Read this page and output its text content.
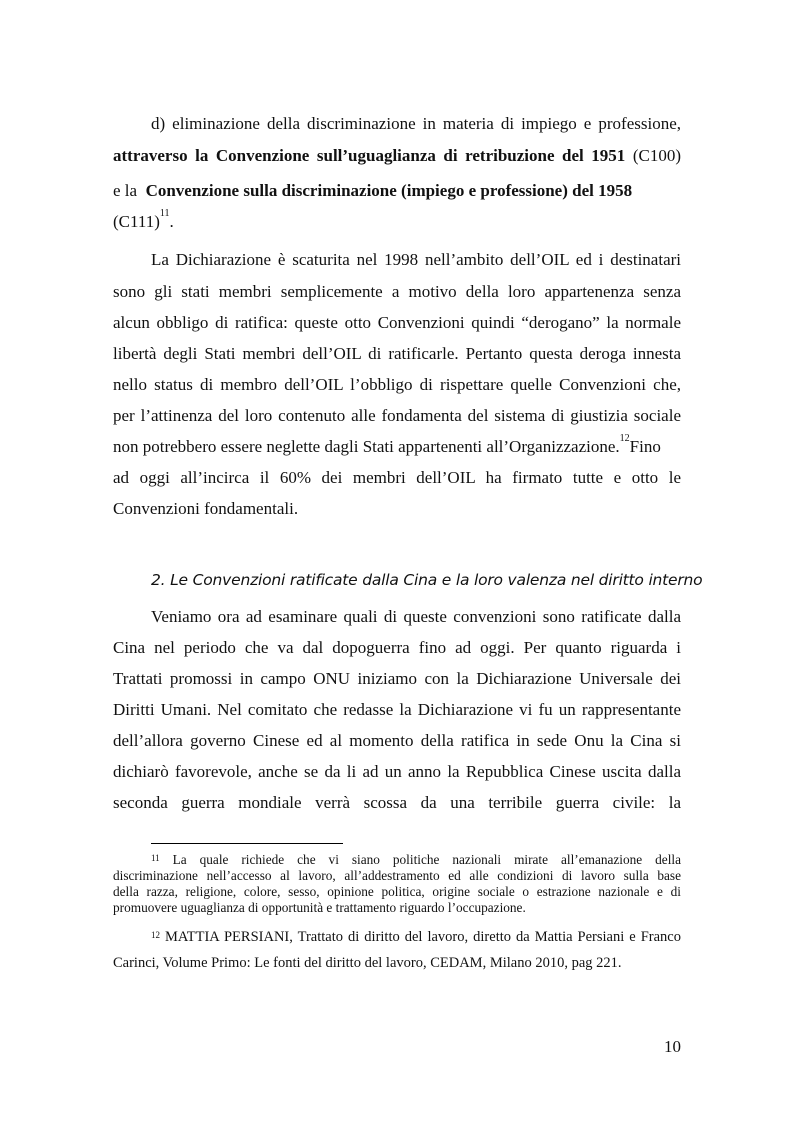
d) eliminazione della discriminazione in materia di impiego e professione,
attraverso la Convenzione sull’uguaglianza di retribuzione del 1951 (C100)
e la  Convenzione sulla discriminazione (impiego e professione) del 1958
$(C111)^{11}$.
La Dichiarazione è scaturita nel 1998 nell’ambito dell’OIL ed i destinatari
sono gli stati membri semplicemente a motivo della loro appartenenza senza
alcun obbligo di ratifica: queste otto Convenzioni quindi “derogano” la normale
libertà degli Stati membri dell’OIL di ratificarle. Pertanto questa deroga innesta
nello status di membro dell’OIL l’obbligo di rispettare quelle Convenzioni che,
per l’attinenza del loro contenuto alle fondamenta del sistema di giustizia sociale
non potrebbero essere neglette dagli Stati appartenenti all’Organizzazione.$^{12}$Fino
ad oggi all’incirca il 60% dei membri dell’OIL ha firmato tutte e otto le
Convenzioni fondamentali.
2. Le Convenzioni ratificate dalla Cina e la loro valenza nel diritto interno
Veniamo ora ad esaminare quali di queste convenzioni sono ratificate dalla
Cina nel periodo che va dal dopoguerra fino ad oggi. Per quanto riguarda i
Trattati promossi in campo ONU iniziamo con la Dichiarazione Universale dei
Diritti Umani. Nel comitato che redasse la Dichiarazione vi fu un rappresentante
dell’allora governo Cinese ed al momento della ratifica in sede Onu la Cina si
dichiarò favorevole, anche se da li ad un anno la Repubblica Cinese uscita dalla
seconda guerra mondiale verrà scossa da una terribile guerra civile: la
$^{11}$ La quale richiede che vi siano politiche nazionali mirate all’emanazione della
discriminazione nell’accesso al lavoro, all’addestramento ed alle condizioni di lavoro sulla base
della razza, religione, colore, sesso, opinione politica, origine sociale o estrazione nazionale e di
promuovere uguaglianza di opportunità e trattamento riguardo l’occupazione.
$^{12}$ MATTIA PERSIANI, Trattato di diritto del lavoro, diretto da Mattia Persiani e Franco
Carinci, Volume Primo: Le fonti del diritto del lavoro, CEDAM, Milano 2010, pag 221.
10
